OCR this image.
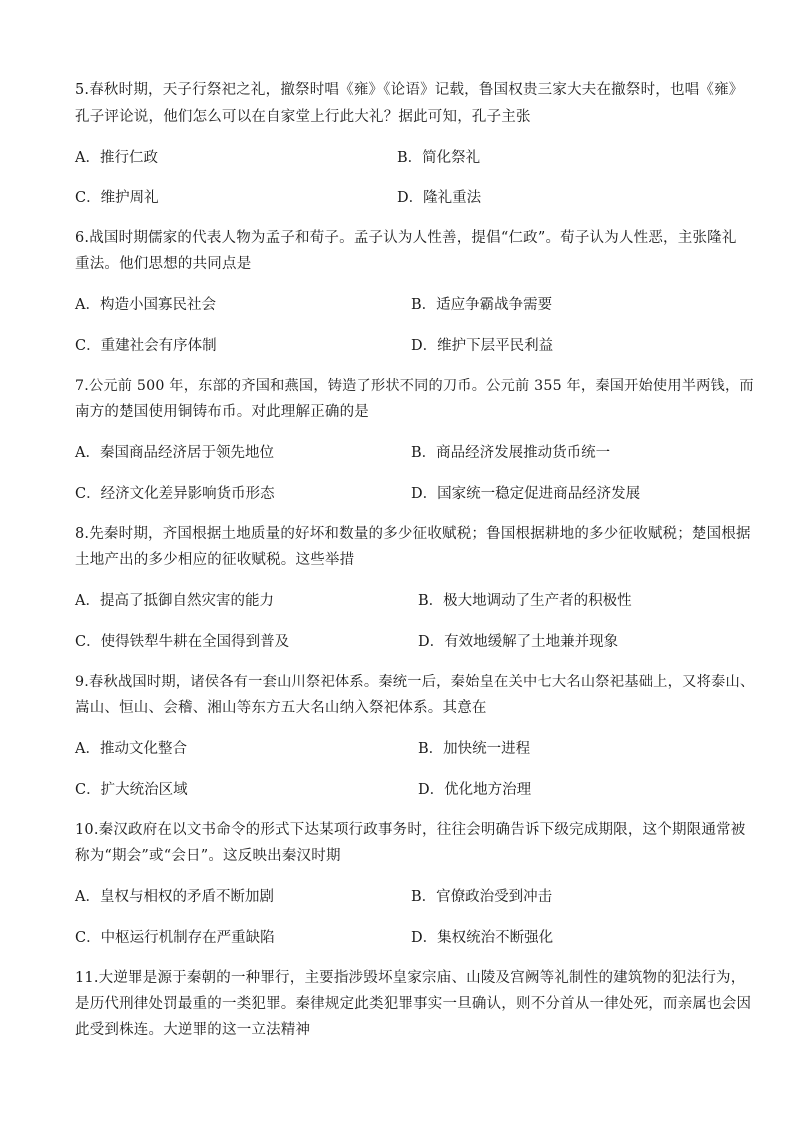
5.春秋时期，天子行祭祀之礼，撤祭时唱《雍》《论语》记载，鲁国权贵三家大夫在撤祭时，也唱《雍》
孔子评论说，他们怎么可以在自家堂上行此大礼？据此可知，孔子主张
A．推行仁政	B．简化祭礼
C．维护周礼	D．隆礼重法
6.战国时期儒家的代表人物为孟子和荀子。孟子认为人性善，提倡“仁政”。荀子认为人性恶，主张隆礼
重法。他们思想的共同点是
A．构造小国寡民社会	B．适应争霸战争需要
C．重建社会有序体制	D．维护下层平民利益
7.公元前 500 年，东部的齐国和燕国，铸造了形状不同的刀币。公元前 355 年，秦国开始使用半两钱，而
南方的楚国使用铜铸布币。对此理解正确的是
A．秦国商品经济居于领先地位	B．商品经济发展推动货币统一
C．经济文化差异影响货币形态	D．国家统一稳定促进商品经济发展
8.先秦时期，齐国根据土地质量的好坏和数量的多少征收赋税；鲁国根据耕地的多少征收赋税；楚国根据
土地产出的多少相应的征收赋税。这些举措
A．提高了抵御自然灾害的能力	B．极大地调动了生产者的积极性
C．使得铁犁牛耕在全国得到普及	D．有效地缓解了土地兼并现象
9.春秋战国时期，诸侯各有一套山川祭祀体系。秦统一后，秦始皇在关中七大名山祭祀基础上，又将泰山、
嵩山、恒山、会稽、湘山等东方五大名山纳入祭祀体系。其意在
A．推动文化整合	B．加快统一进程
C．扩大统治区域	D．优化地方治理
10.秦汉政府在以文书命令的形式下达某项行政事务时，往往会明确告诉下级完成期限，这个期限通常被
称为“期会”或“会日”。这反映出秦汉时期
A．皇权与相权的矛盾不断加剧	B．官僚政治受到冲击
C．中枢运行机制存在严重缺陷	D．集权统治不断强化
11.大逆罪是源于秦朝的一种罪行，主要指涉毁坏皇家宗庙、山陵及宫阙等礼制性的建筑物的犯法行为，
是历代刑律处罚最重的一类犯罪。秦律规定此类犯罪事实一旦确认，则不分首从一律处死，而亲属也会因
此受到株连。大逆罪的这一立法精神
